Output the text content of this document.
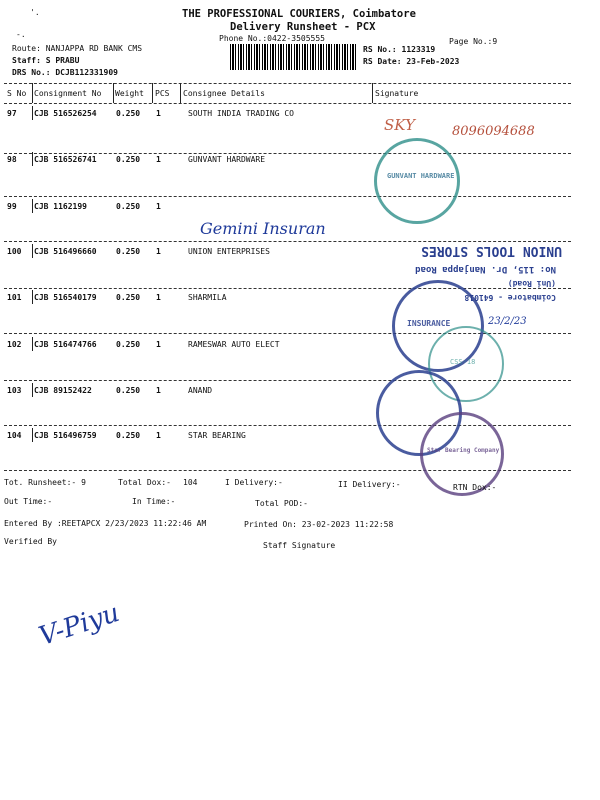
'.
-.
THE PROFESSIONAL COURIERS, Coimbatore
Delivery Runsheet - PCX
Phone No.:0422-3505555	Page No.:9
Route: NANJAPPA RD BANK CMS
Staff: S PRABU
DRS No.: DCJB112331909
RS No.: 1123319
RS Date: 23-Feb-2023
S No Consignment No Weight PCS Consignee Details	Signature
97 CJB 516526254 0.250 1	SOUTH INDIA TRADING CO
98 CJB 516526741 0.250 1	GUNVANT HARDWARE
99 CJB 1162199	0.250 1
100 CJB 516496660 0.250 1	UNION ENTERPRISES
101 CJB 516540179 0.250 1	SHARMILA
102 CJB 516474766 0.250 1	RAMESWAR AUTO ELECT
103 CJB 89152422	0.250 1	ANAND
104 CJB 516496759 0.250 1	STAR BEARING
SKY	8096094688
GUNVANT HARDWARE
Gemini Insuran
Coimbatore - 641018
(Uni Road)
No: 115, Dr. Nanjappa Road
UNION TOOLS STORES
INSURANCE	23/2/23
CSS-18
Star Bearing Company
Tot. Runsheet:- 9	Total Dox:- 104	I Delivery:-	II Delivery:-	RTN Dox:-
Out Time:-	In Time:-	Total POD:-
Entered By :REETAPCX 2/23/2023 11:22:46 AM	Printed On: 23-02-2023 11:22:58
Verified By	Staff Signature
V-Piyu
